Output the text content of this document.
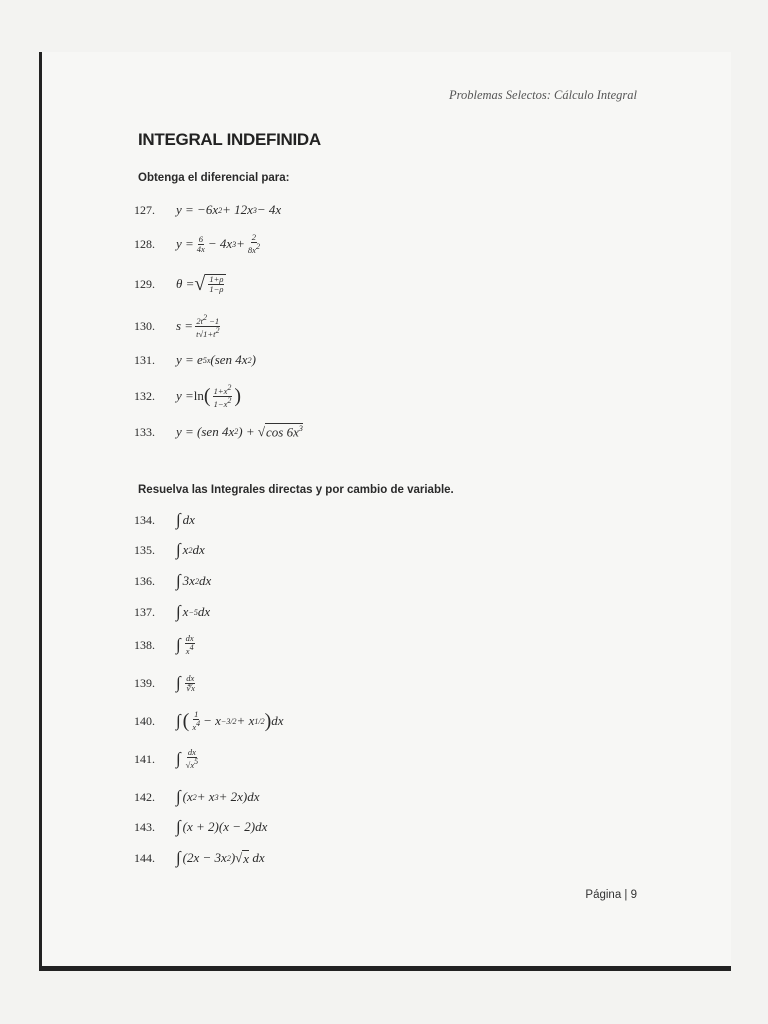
Problemas Selectos: Cálculo Integral
INTEGRAL INDEFINIDA
Obtenga el diferencial para:
127.	y = −6x 2 + 12x 3 − 4x
128.	$y = \frac{6}{4x} - 4x$ $3 + \frac{2}{8x2}$
129.	θ = √ $\frac{1+\rho}{1-\rho}$
130.	$s = \frac{2t2 -1}{t√1+t2}$
131.	y = e 5x (sen 4x 2 )
132.	y = ln ( $\frac{1+x2}{1-x2}$ )
133.	y = (sen 4x 2 ) + √ $\cos 6x^3$
Resuelva las Integrales directas y por cambio de variable.
134.	∫ dx
135.	∫ x 2 dx
136.	∫ 3x 2 dx
137.	∫ x −5 dx
138.	∫ $\frac{dx}{x4}$
139.	∫ $\frac{dx}{∜x}$
140.	∫ ( $\frac{1}{x4} - x -3/2 + x$ 1/2 ) dx
141.	∫ $\frac{dx}{√x5}$
142.	∫ (x 2 + x 3 + 2x)dx
143.	∫ (x + 2)(x − 2)dx
144.	∫ (2x − 3x 2 )√ x dx
Página | 9
